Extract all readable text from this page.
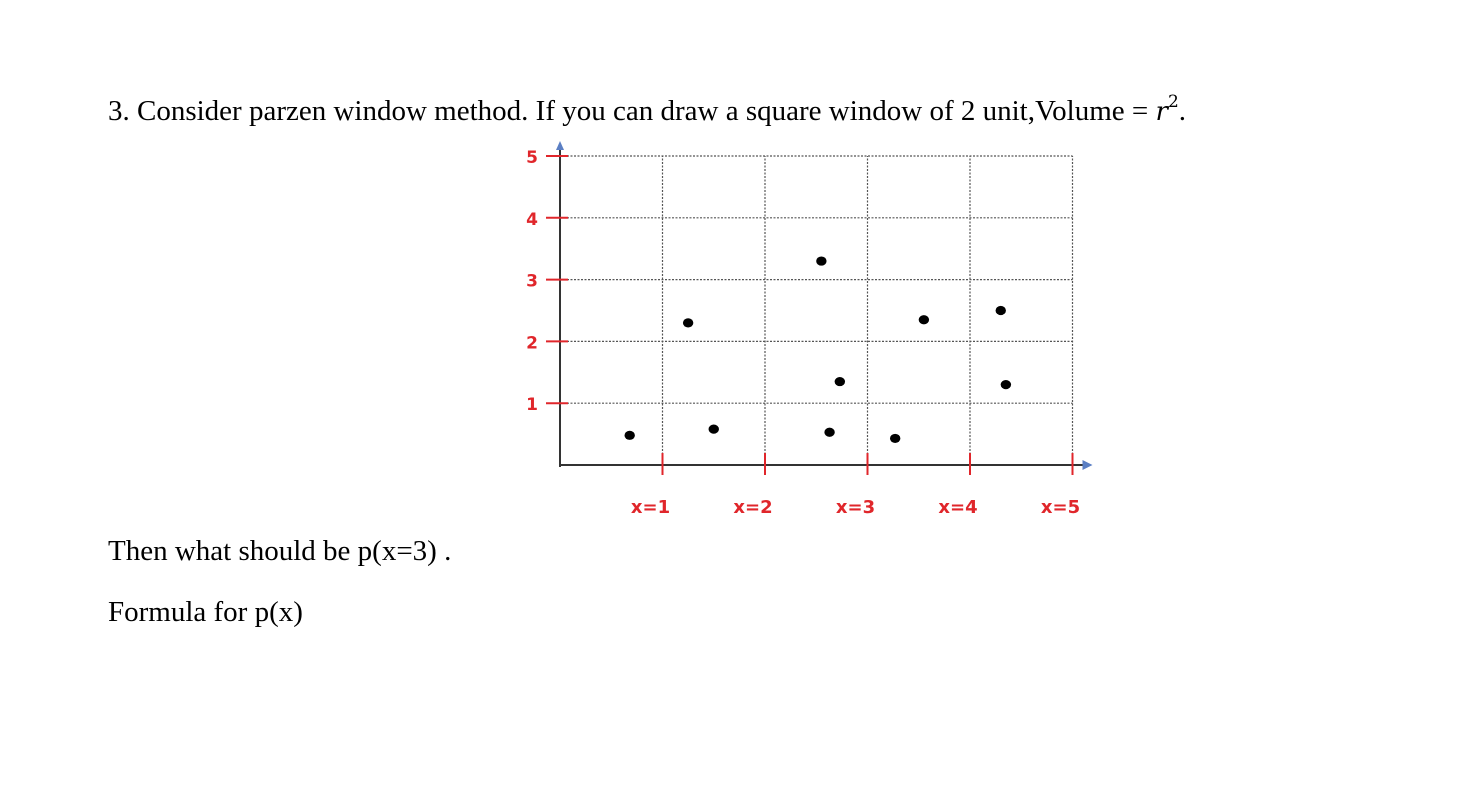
3. Consider parzen window method. If you can draw a square window of 2 unit,Volume = $r^2$.
1
2
3
4
5
x=1	x=2	x=3	x=4	x=5
Then what should be p(x=3) .
Formula for p(x)
